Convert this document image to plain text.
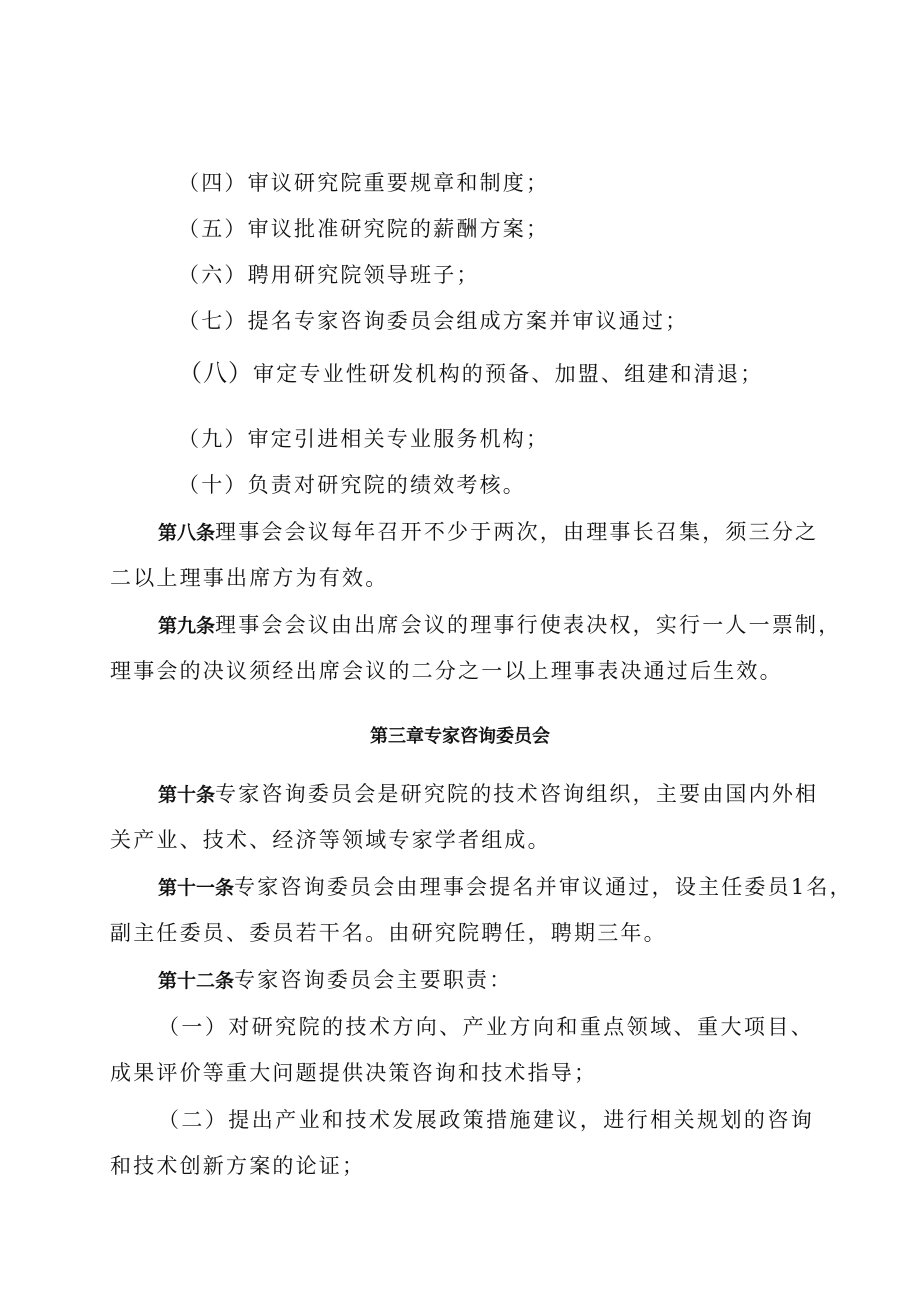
（四）审议研究院重要规章和制度；
（五）审议批准研究院的薪酬方案；
（六）聘用研究院领导班子；
（七）提名专家咨询委员会组成方案并审议通过；
（八）审定专业性研发机构的预备、加盟、组建和清退；
（九）审定引进相关专业服务机构；
（十）负责对研究院的绩效考核。
第八条理事会会议每年召开不少于两次，由理事长召集，须三分之
二以上理事出席方为有效。
第九条理事会会议由出席会议的理事行使表决权，实行一人一票制，
理事会的决议须经出席会议的二分之一以上理事表决通过后生效。
第三章专家咨询委员会
第十条专家咨询委员会是研究院的技术咨询组织，主要由国内外相
关产业、技术、经济等领域专家学者组成。
第十一条专家咨询委员会由理事会提名并审议通过，设主任委员1名，
副主任委员、委员若干名。由研究院聘任，聘期三年。
第十二条专家咨询委员会主要职责：
（一）对研究院的技术方向、产业方向和重点领域、重大项目、
成果评价等重大问题提供决策咨询和技术指导；
（二）提出产业和技术发展政策措施建议，进行相关规划的咨询
和技术创新方案的论证；
